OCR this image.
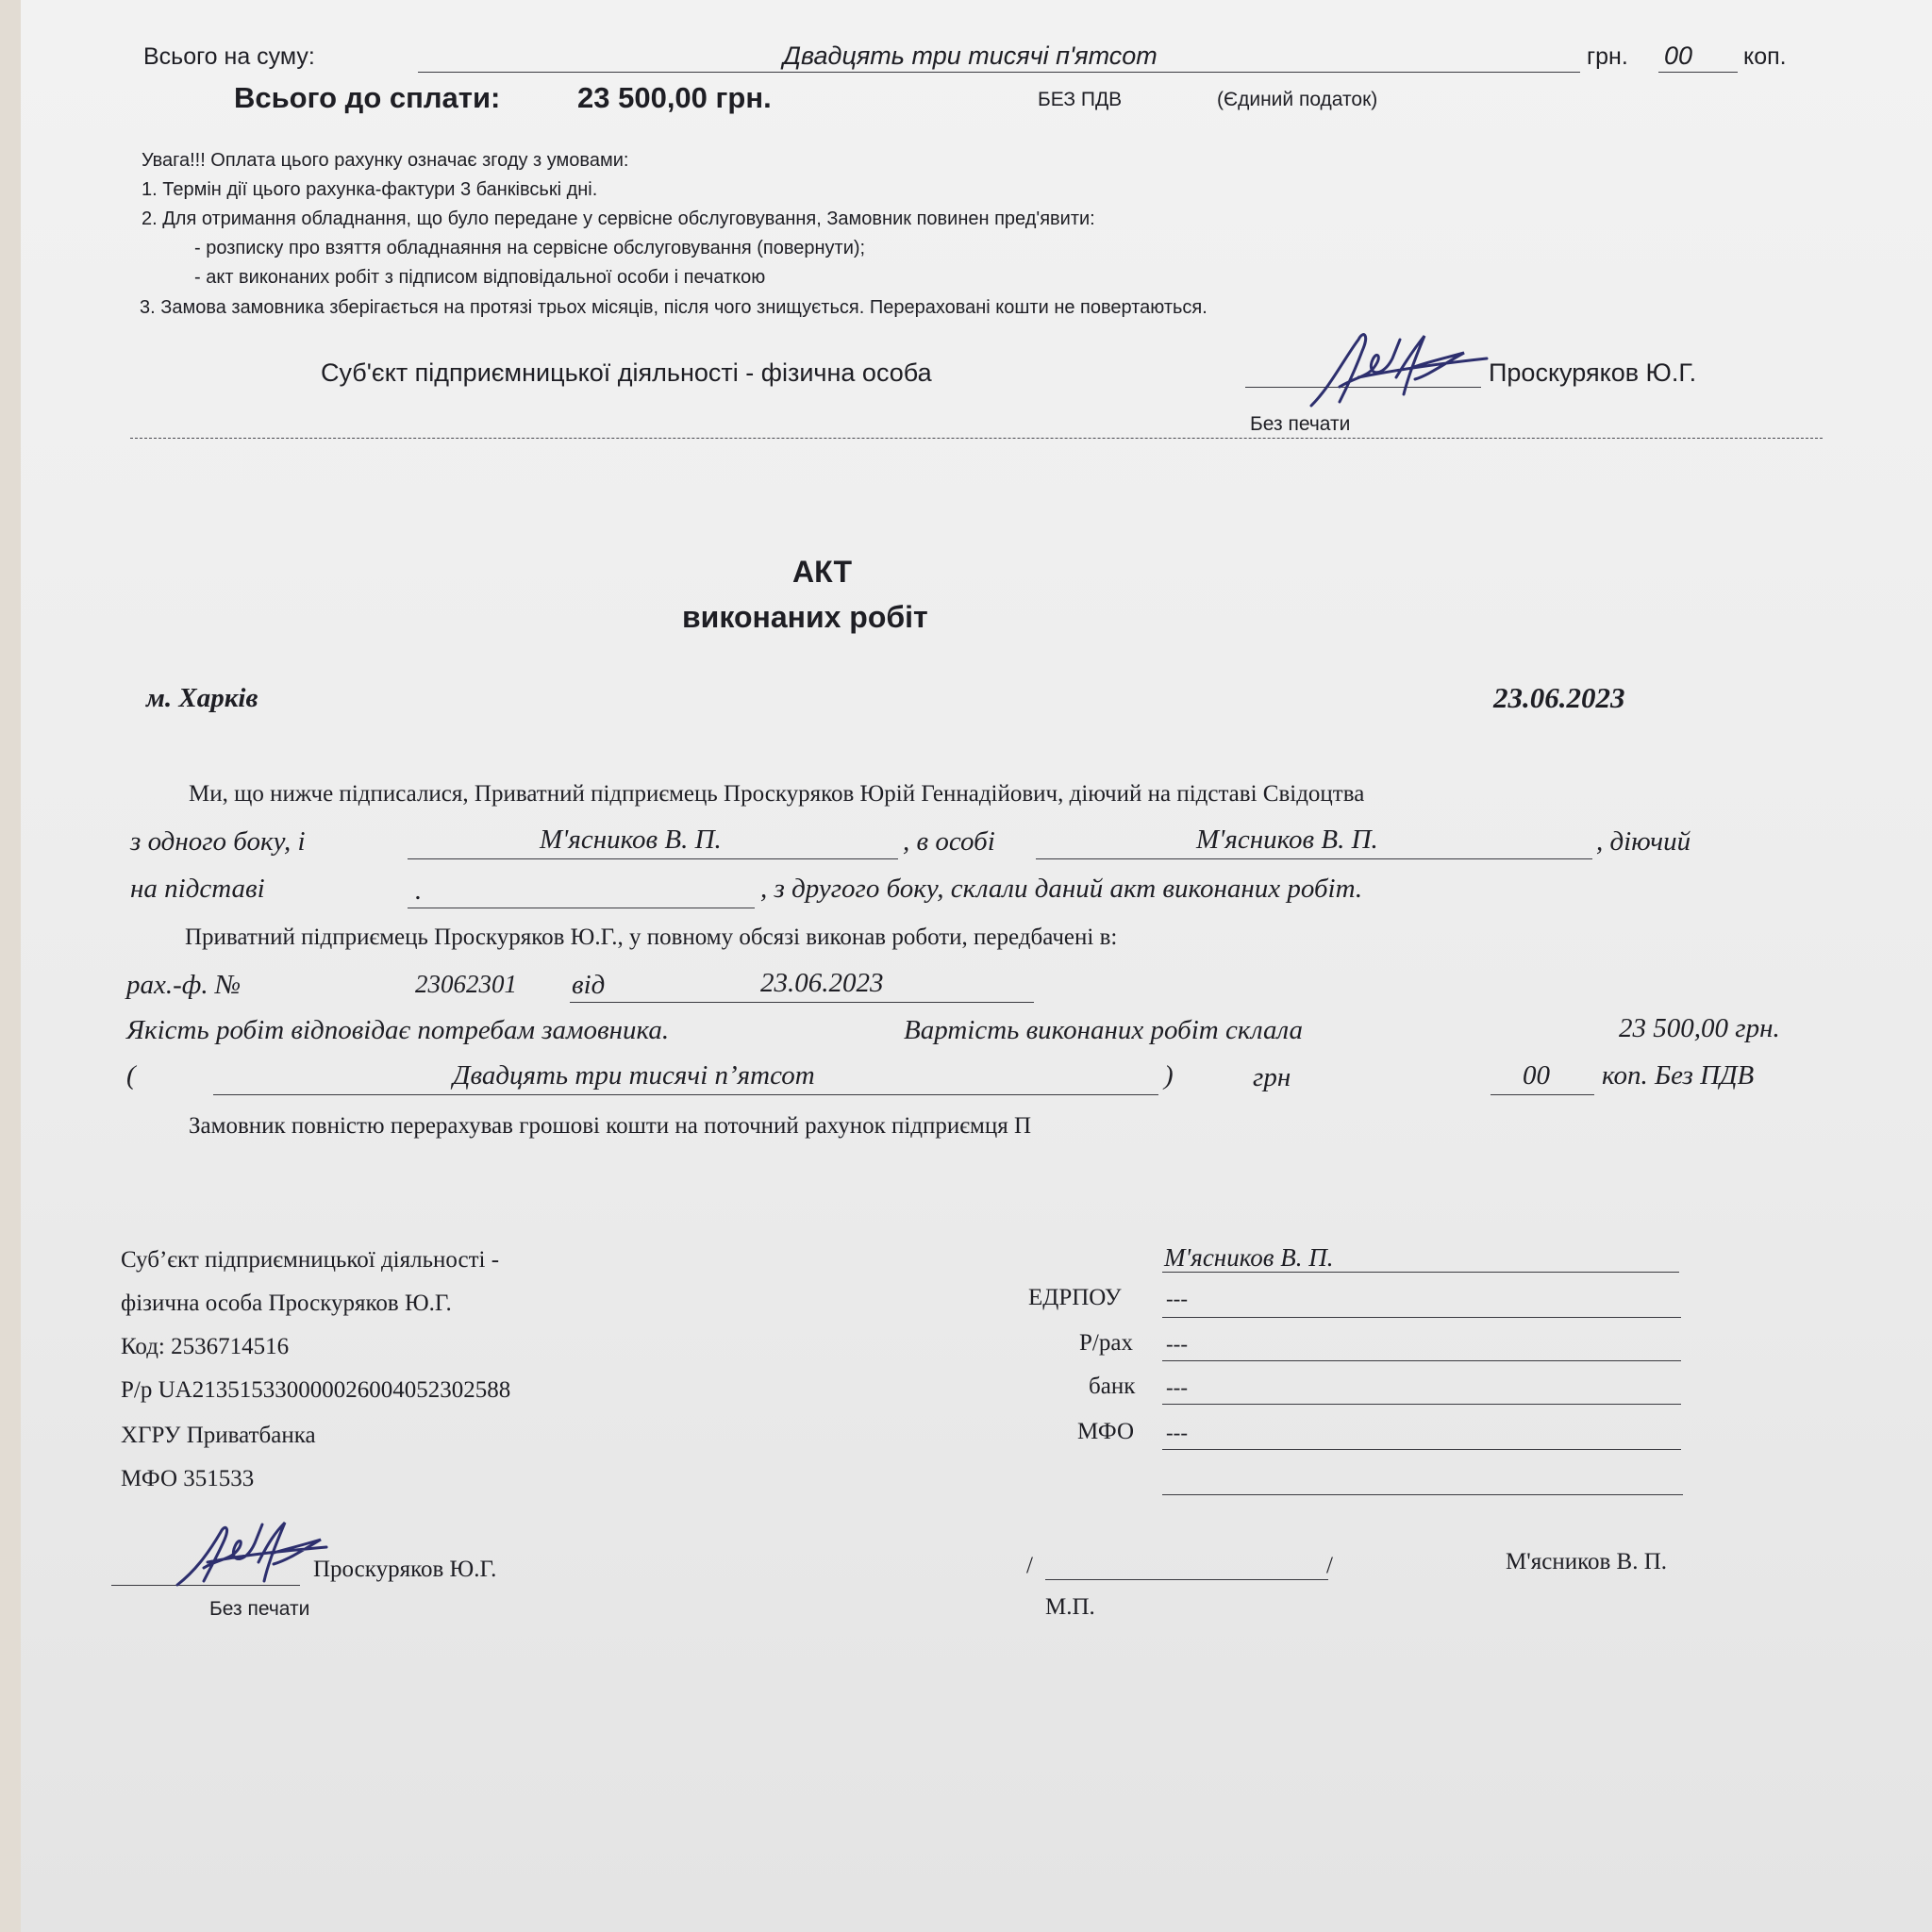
Всього на суму:	Двадцять три тисячі п'ятсот	грн. 00 коп.
Всього до сплати:	23 500,00 грн.	БЕЗ ПДВ	(Єдиний податок)
Увага!!! Оплата цього рахунку означає згоду з умовами:
1. Термін дії цього рахунка-фактури 3 банківські дні.
2. Для отримання обладнання, що було передане у сервісне обслуговування, Замовник повинен пред'явити:
- розписку про взяття обладнаяння на сервісне обслуговування (повернути);
- акт виконаних робіт з підписом відповідальної особи і печаткою
3. Замова замовника зберігається на протязі трьох місяців, після чого знищується. Перераховані кошти не повертаються.
Суб'єкт підприємницької діяльності - фізична особа	Проскуряков Ю.Г.
Без печати
АКТ
виконаних робіт
м. Харків	23.06.2023
Ми, що нижче підписалися, Приватний підприємець Проскуряков Юрій Геннадійович, діючий на підставі Свідоцтва
з одного боку, і	М'ясников В. П.	, в особі	М'ясников В. П.	, діючий
на підставі	.	, з другого боку, склали даний акт виконаних робіт.
Приватний підприємець Проскуряков Ю.Г., у повному обсязі виконав роботи, передбачені в:
рах.-ф. №	23062301 від	23.06.2023
Якість робіт відповідає потребам замовника.	Вартість виконаних робіт склала	23 500,00 грн.
(	Двадцять три тисячі п’ятсот	)	грн	00 коп. Без ПДВ
Замовник повністю перерахував грошові кошти на поточний рахунок підприємця П
Суб’єкт підприємницької діяльності -
фізична особа Проскуряков Ю.Г.
Код: 2536714516
Р/р UA213515330000026004052302588
ХГРУ Приватбанка
МФО 351533
М'ясников В. П.
ЕДРПОУ ---
Р/рах ---
банк ---
МФО ---
Проскуряков Ю.Г.
Без печати
/	/
М.П.
М'ясников В. П.
